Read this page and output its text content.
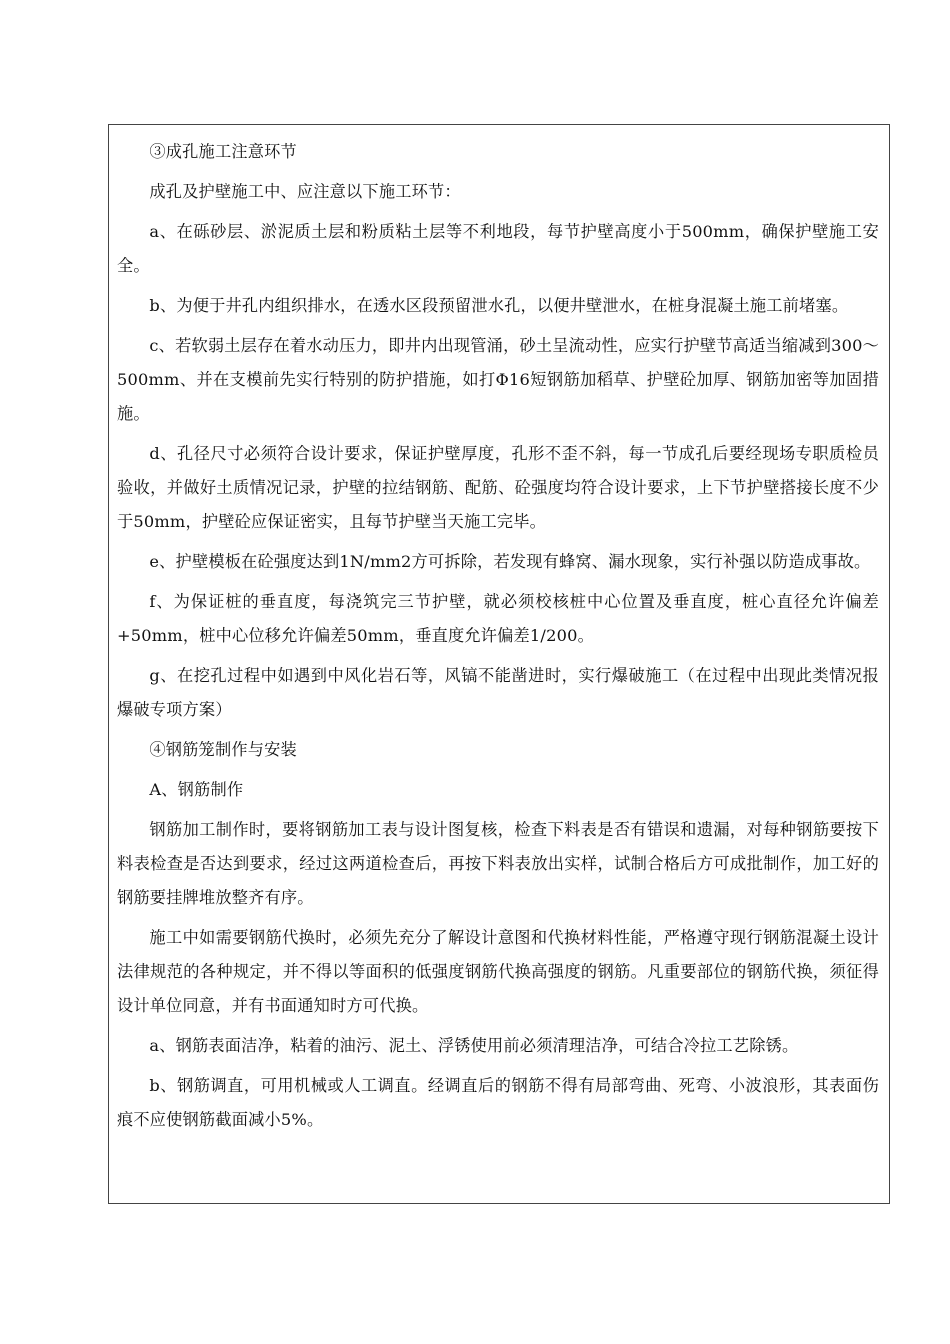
③成孔施工注意环节

成孔及护壁施工中、应注意以下施工环节：

a、在砾砂层、淤泥质土层和粉质粘土层等不利地段，每节护壁高度小于500mm，确保护壁施工安全。

b、为便于井孔内组织排水，在透水区段预留泄水孔，以便井壁泄水，在桩身混凝土施工前堵塞。

c、若软弱土层存在着水动压力，即井内出现管涌，砂土呈流动性，应实行护壁节高适当缩减到300～500mm、并在支模前先实行特别的防护措施，如打Φ16短钢筋加稻草、护壁砼加厚、钢筋加密等加固措施。

d、孔径尺寸必须符合设计要求，保证护壁厚度，孔形不歪不斜，每一节成孔后要经现场专职质检员验收，并做好土质情况记录，护壁的拉结钢筋、配筋、砼强度均符合设计要求，上下节护壁搭接长度不少于50mm，护壁砼应保证密实，且每节护壁当天施工完毕。

e、护壁模板在砼强度达到1N/mm2方可拆除，若发现有蜂窝、漏水现象，实行补强以防造成事故。

f、为保证桩的垂直度，每浇筑完三节护壁，就必须校核桩中心位置及垂直度，桩心直径允许偏差+50mm，桩中心位移允许偏差50mm，垂直度允许偏差1/200。

g、在挖孔过程中如遇到中风化岩石等，风镐不能凿进时，实行爆破施工（在过程中出现此类情况报爆破专项方案）

④钢筋笼制作与安装

A、钢筋制作

钢筋加工制作时，要将钢筋加工表与设计图复核，检查下料表是否有错误和遗漏，对每种钢筋要按下料表检查是否达到要求，经过这两道检查后，再按下料表放出实样，试制合格后方可成批制作，加工好的钢筋要挂牌堆放整齐有序。

施工中如需要钢筋代换时，必须先充分了解设计意图和代换材料性能，严格遵守现行钢筋混凝土设计法律规范的各种规定，并不得以等面积的低强度钢筋代换高强度的钢筋。凡重要部位的钢筋代换，须征得设计单位同意，并有书面通知时方可代换。

a、钢筋表面洁净，粘着的油污、泥土、浮锈使用前必须清理洁净，可结合冷拉工艺除锈。

b、钢筋调直，可用机械或人工调直。经调直后的钢筋不得有局部弯曲、死弯、小波浪形，其表面伤痕不应使钢筋截面减小5%。
